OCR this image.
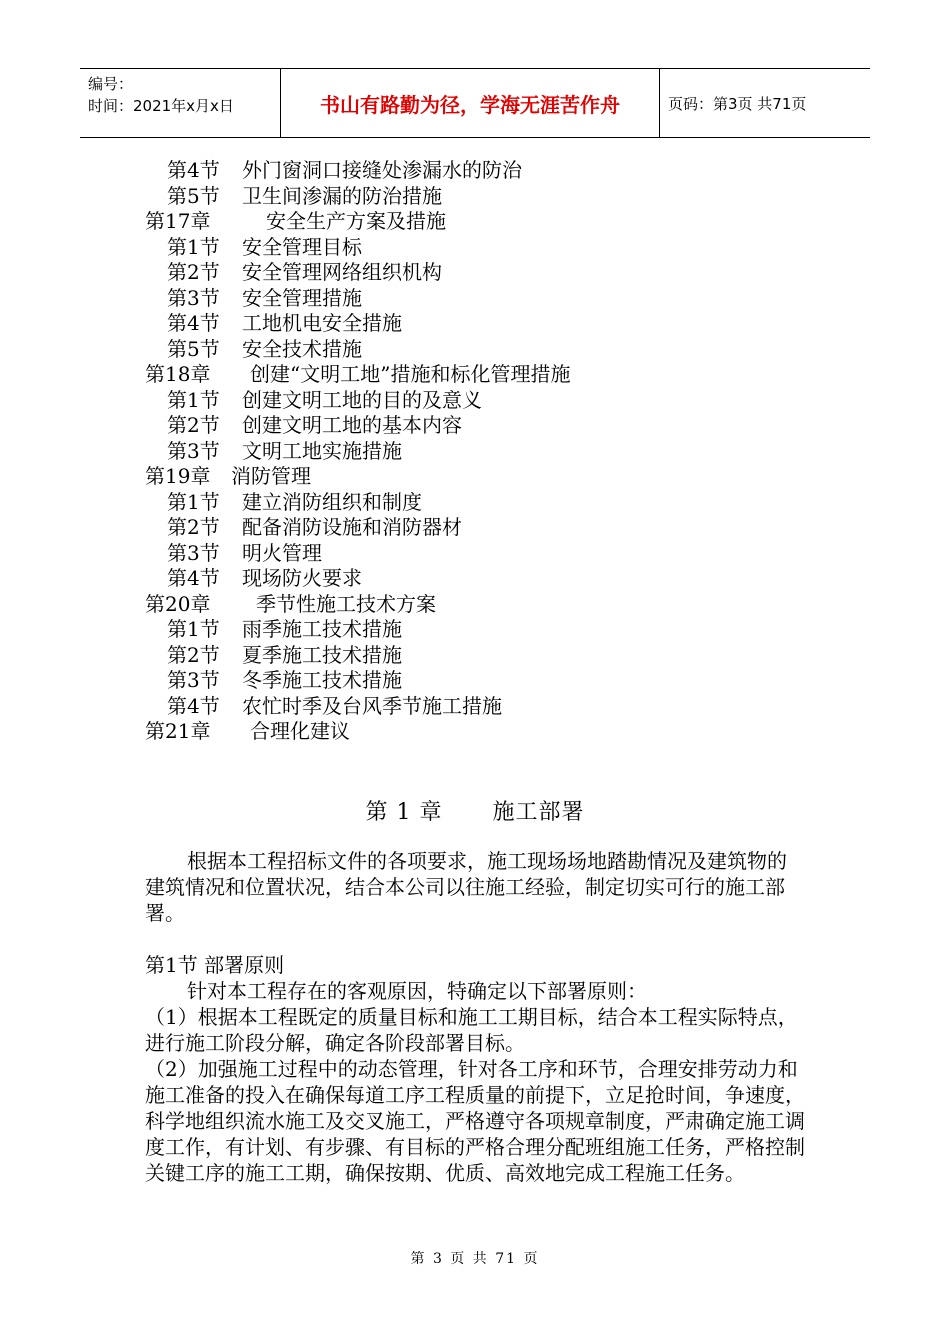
编号：
时间：2021年x月x日	书山有路勤为径，学海无涯苦作舟	页码：第3页 共71页
第4节	外门窗洞口接缝处渗漏水的防治
第5节	卫生间渗漏的防治措施
第17章	安全生产方案及措施
第1节	安全管理目标
第2节	安全管理网络组织机构
第3节	安全管理措施
第4节	工地机电安全措施
第5节	安全技术措施
第18章	创建“文明工地”措施和标化管理措施
第1节	创建文明工地的目的及意义
第2节	创建文明工地的基本内容
第3节	文明工地实施措施
第19章	消防管理
第1节	建立消防组织和制度
第2节	配备消防设施和消防器材
第3节	明火管理
第4节	现场防火要求
第20章	季节性施工技术方案
第1节	雨季施工技术措施
第2节	夏季施工技术措施
第3节	冬季施工技术措施
第4节	农忙时季及台风季节施工措施
第21章	合理化建议
第 1 章 施工部署

根据本工程招标文件的各项要求，施工现场场地踏勘情况及建筑物的建筑情况和位置状况，结合本公司以往施工经验，制定切实可行的施工部署。

第1节 部署原则

针对本工程存在的客观原因，特确定以下部署原则：

（1）根据本工程既定的质量目标和施工工期目标，结合本工程实际特点，进行施工阶段分解，确定各阶段部署目标。

（2）加强施工过程中的动态管理，针对各工序和环节，合理安排劳动力和施工准备的投入在确保每道工序工程质量的前提下，立足抢时间，争速度，科学地组织流水施工及交叉施工，严格遵守各项规章制度，严肃确定施工调度工作，有计划、有步骤、有目标的严格合理分配班组施工任务，严格控制关键工序的施工工期，确保按期、优质、高效地完成工程施工任务。

第 3 页 共 71 页
